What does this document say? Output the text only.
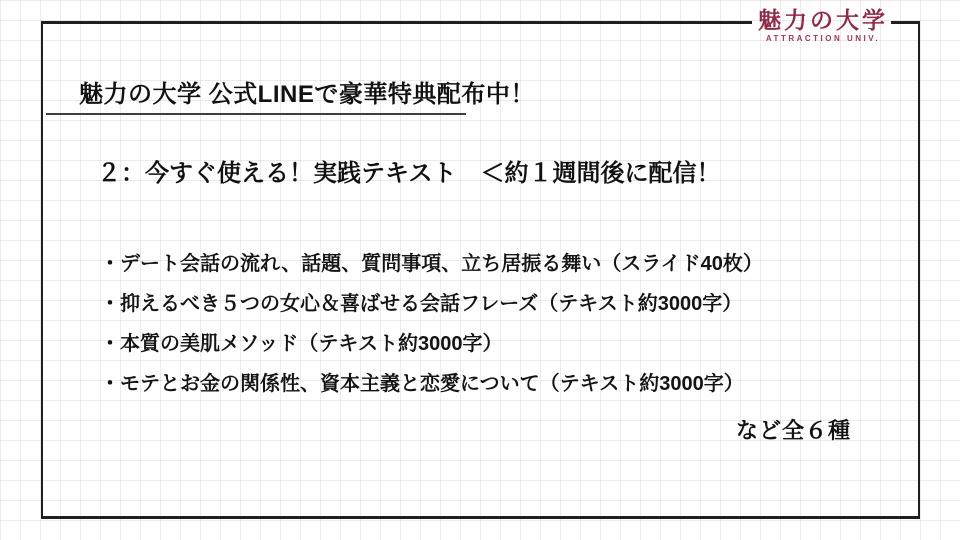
魅力の大学 公式LINEで豪華特典配布中！
２：今すぐ使える！実践テキスト　＜約１週間後に配信！
・デート会話の流れ、話題、質問事項、立ち居振る舞い（スライド40枚）
・抑えるべき５つの女心＆喜ばせる会話フレーズ（テキスト約3000字）
・本質の美肌メソッド（テキスト約3000字）
・モテとお金の関係性、資本主義と恋愛について（テキスト約3000字）
など全６種
魅力の大学
ATTRACTION UNIV.
